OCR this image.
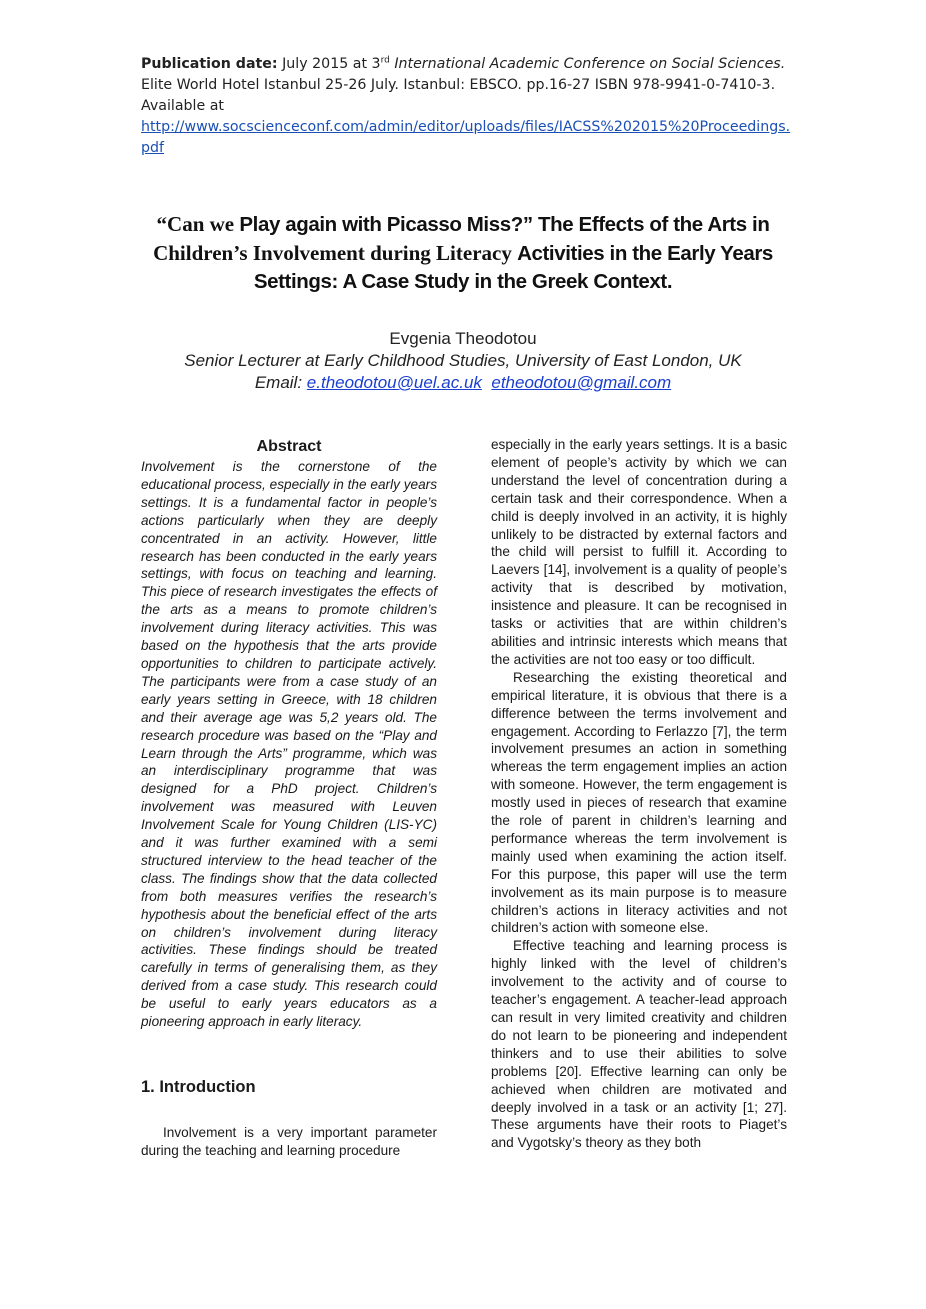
Publication date: July 2015 at 3rd International Academic Conference on Social Sciences. Elite World Hotel Istanbul 25-26 July. Istanbul: EBSCO. pp.16-27 ISBN 978-9941-0-7410-3.
Available at
http://www.socscienceconf.com/admin/editor/uploads/files/IACSS%202015%20Proceedings.pdf
“Can we Play again with Picasso Miss?” The Effects of the Arts in
Children’s Involvement during Literacy Activities in the Early Years Settings: A Case Study in the Greek Context.
Evgenia Theodotou
Senior Lecturer at Early Childhood Studies, University of East London, UK
Email: e.theodotou@uel.ac.uk etheodotou@gmail.com
Abstract

Involvement is the cornerstone of the educational process, especially in the early years settings. It is a fundamental factor in people’s actions particularly when they are deeply concentrated in an activity. However, little research has been conducted in the early years settings, with focus on teaching and learning. This piece of research investigates the effects of the arts as a means to promote children’s involvement during literacy activities. This was based on the hypothesis that the arts provide opportunities to children to participate actively. The participants were from a case study of an early years setting in Greece, with 18 children and their average age was 5,2 years old. The research procedure was based on the “Play and Learn through the Arts” programme, which was an interdisciplinary programme that was designed for a PhD project. Children’s involvement was measured with Leuven Involvement Scale for Young Children (LIS-YC) and it was further examined with a semi structured interview to the head teacher of the class. The findings show that the data collected from both measures verifies the research’s hypothesis about the beneficial effect of the arts on children’s involvement during literacy activities. These findings should be treated carefully in terms of generalising them, as they derived from a case study. This research could be useful to early years educators as a pioneering approach in early literacy.

1. Introduction

Involvement is a very important parameter during the teaching and learning procedure

especially in the early years settings. It is a basic element of people’s activity by which we can understand the level of concentration during a certain task and their correspondence. When a child is deeply involved in an activity, it is highly unlikely to be distracted by external factors and the child will persist to fulfill it. According to Laevers [14], involvement is a quality of people’s activity that is described by motivation, insistence and pleasure. It can be recognised in tasks or activities that are within children’s abilities and intrinsic interests which means that the activities are not too easy or too difficult.

Researching the existing theoretical and empirical literature, it is obvious that there is a difference between the terms involvement and engagement. According to Ferlazzo [7], the term involvement presumes an action in something whereas the term engagement implies an action with someone. However, the term engagement is mostly used in pieces of research that examine the role of parent in children’s learning and performance whereas the term involvement is mainly used when examining the action itself. For this purpose, this paper will use the term involvement as its main purpose is to measure children’s actions in literacy activities and not children’s action with someone else.

Effective teaching and learning process is highly linked with the level of children’s involvement to the activity and of course to teacher’s engagement. A teacher-lead approach can result in very limited creativity and children do not learn to be pioneering and independent thinkers and to use their abilities to solve problems [20]. Effective learning can only be achieved when children are motivated and deeply involved in a task or an activity [1; 27]. These arguments have their roots to Piaget’s and Vygotsky’s theory as they both
